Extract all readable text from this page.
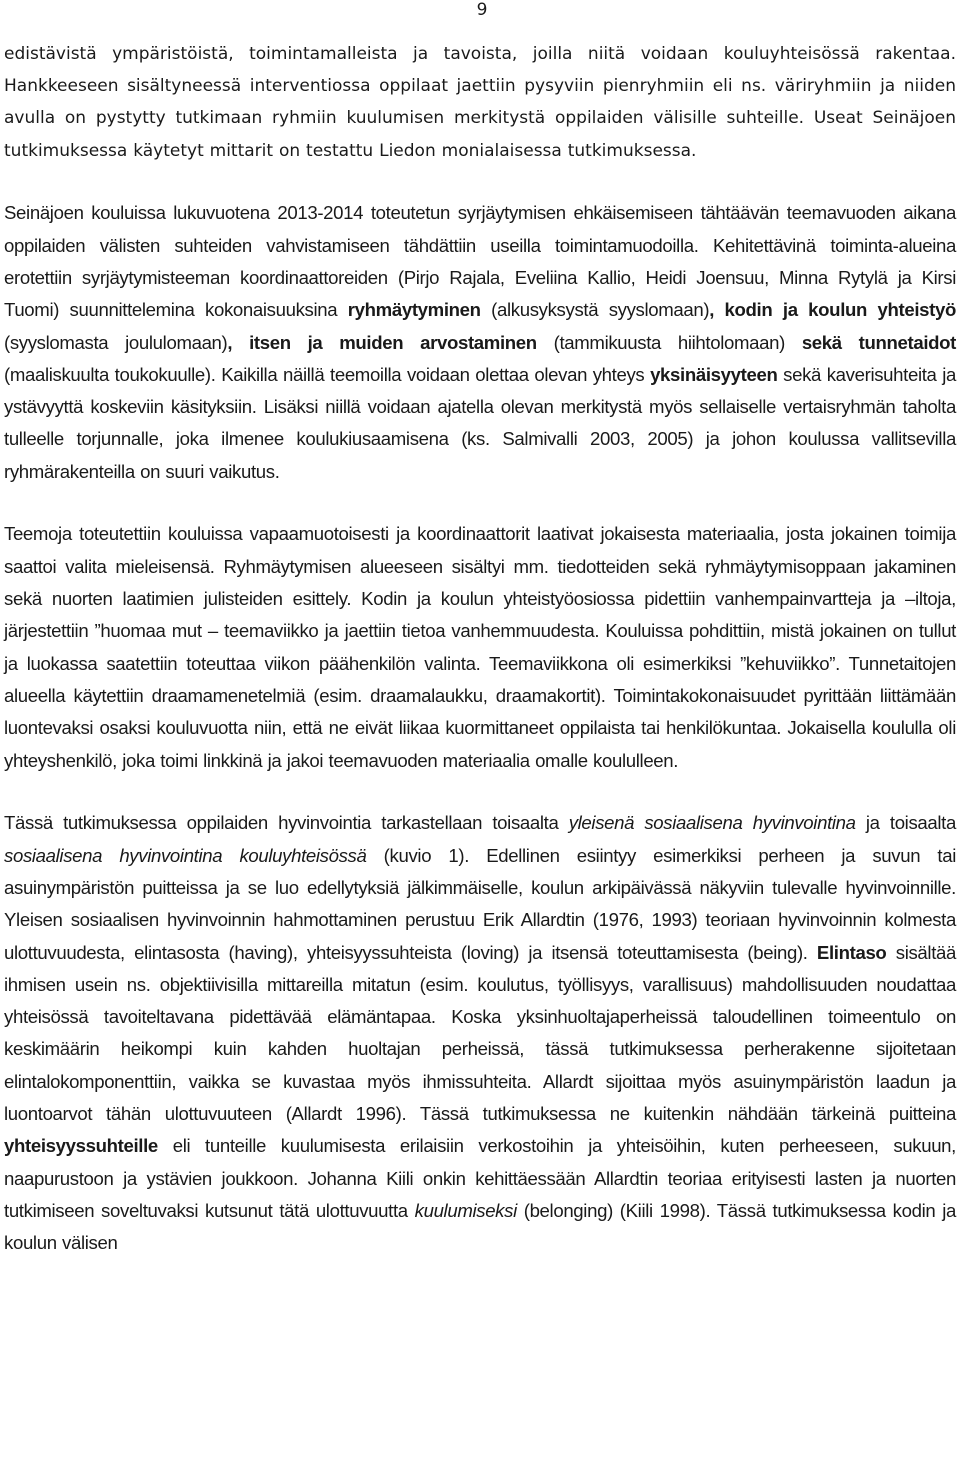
9

edistävistä ympäristöistä, toimintamalleista ja tavoista, joilla niitä voidaan kouluyhteisössä rakentaa. Hankkeeseen sisältyneessä interventiossa oppilaat jaettiin pysyviin pienryhmiin eli ns. väriryhmiin ja niiden avulla on pystytty tutkimaan ryhmiin kuulumisen merkitystä oppilaiden välisille suhteille. Useat Seinäjoen tutkimuksessa käytetyt mittarit on testattu Liedon monialaisessa tutkimuksessa.

Seinäjoen kouluissa lukuvuotena 2013-2014 toteutetun syrjäytymisen ehkäisemiseen tähtäävän teemavuoden aikana oppilaiden välisten suhteiden vahvistamiseen tähdättiin useilla toimintamuodoilla. Kehitettävinä toiminta-alueina erotettiin syrjäytymisteeman koordinaattoreiden (Pirjo Rajala, Eveliina Kallio, Heidi Joensuu, Minna Rytylä ja Kirsi Tuomi) suunnittelemina kokonaisuuksina ryhmäytyminen (alkusyksystä syyslomaan), kodin ja koulun yhteistyö (syyslomasta joululomaan), itsen ja muiden arvostaminen (tammikuusta hiihtolomaan) sekä tunnetaidot (maaliskuulta toukokuulle). Kaikilla näillä teemoilla voidaan olettaa olevan yhteys yksinäisyyteen sekä kaverisuhteita ja ystävyyttä koskeviin käsityksiin. Lisäksi niillä voidaan ajatella olevan merkitystä myös sellaiselle vertaisryhmän taholta tulleelle torjunnalle, joka ilmenee koulukiusaamisena (ks. Salmivalli 2003, 2005) ja johon koulussa vallitsevilla ryhmärakenteilla on suuri vaikutus.

Teemoja toteutettiin kouluissa vapaamuotoisesti ja koordinaattorit laativat jokaisesta materiaalia, josta jokainen toimija saattoi valita mieleisensä. Ryhmäytymisen alueeseen sisältyi mm. tiedotteiden sekä ryhmäytymisoppaan jakaminen sekä nuorten laatimien julisteiden esittely. Kodin ja koulun yhteistyöosiossa pidettiin vanhempainvartteja ja –iltoja, järjestettiin ”huomaa mut – teemaviikko ja jaettiin tietoa vanhemmuudesta. Kouluissa pohdittiin, mistä jokainen on tullut ja luokassa saatettiin toteuttaa viikon päähenkilön valinta. Teemaviikkona oli esimerkiksi ”kehuviikko”. Tunnetaitojen alueella käytettiin draamamenetelmiä (esim. draamalaukku, draamakortit). Toimintakokonaisuudet pyrittään liittämään luontevaksi osaksi kouluvuotta niin, että ne eivät liikaa kuormittaneet oppilaista tai henkilökuntaa. Jokaisella koululla oli yhteyshenkilö, joka toimi linkkinä ja jakoi teemavuoden materiaalia omalle koululleen.

Tässä tutkimuksessa oppilaiden hyvinvointia tarkastellaan toisaalta yleisenä sosiaalisena hyvinvointina ja toisaalta sosiaalisena hyvinvointina kouluyhteisössä (kuvio 1). Edellinen esiintyy esimerkiksi perheen ja suvun tai asuinympäristön puitteissa ja se luo edellytyksiä jälkimmäiselle, koulun arkipäivässä näkyviin tulevalle hyvinvoinnille. Yleisen sosiaalisen hyvinvoinnin hahmottaminen perustuu Erik Allardtin (1976, 1993) teoriaan hyvinvoinnin kolmesta ulottuvuudesta, elintasosta (having), yhteisyyssuhteista (loving) ja itsensä toteuttamisesta (being). Elintaso sisältää ihmisen usein ns. objektiivisilla mittareilla mitatun (esim. koulutus, työllisyys, varallisuus) mahdollisuuden noudattaa yhteisössä tavoiteltavana pidettävää elämäntapaa. Koska yksinhuoltajaperheissä taloudellinen toimeentulo on keskimäärin heikompi kuin kahden huoltajan perheissä, tässä tutkimuksessa perherakenne sijoitetaan elintalokomponenttiin, vaikka se kuvastaa myös ihmissuhteita. Allardt sijoittaa myös asuinympäristön laadun ja luontoarvot tähän ulottuvuuteen (Allardt 1996). Tässä tutkimuksessa ne kuitenkin nähdään tärkeinä puitteina yhteisyyssuhteille eli tunteille kuulumisesta erilaisiin verkostoihin ja yhteisöihin, kuten perheeseen, sukuun, naapurustoon ja ystävien joukkoon. Johanna Kiili onkin kehittäessään Allardtin teoriaa erityisesti lasten ja nuorten tutkimiseen soveltuvaksi kutsunut tätä ulottuvuutta kuulumiseksi (belonging) (Kiili 1998). Tässä tutkimuksessa kodin ja koulun välisen
